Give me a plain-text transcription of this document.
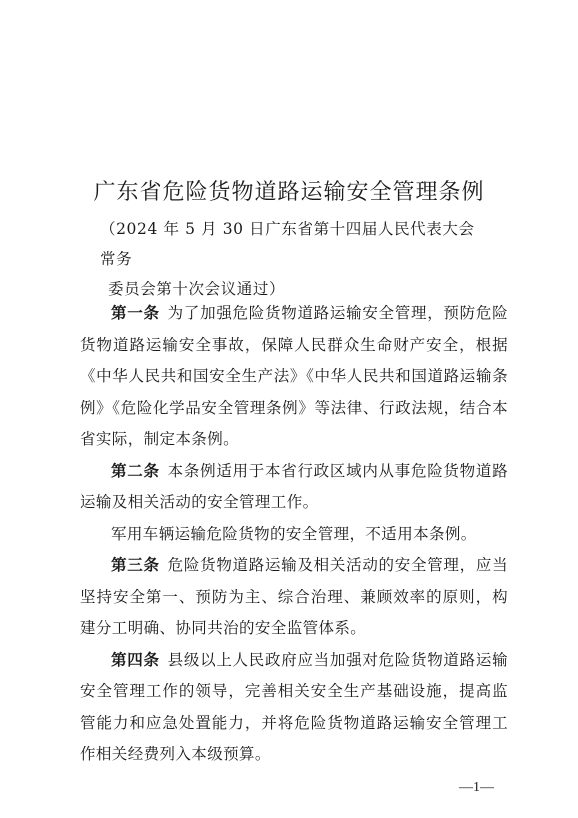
广东省危险货物道路运输安全管理条例
（2024 年 5 月 30 日广东省第十四届人民代表大会常务
委员会第十次会议通过）

第一条 为了加强危险货物道路运输安全管理，预防危险货物道路运输安全事故，保障人民群众生命财产安全，根据《中华人民共和国安全生产法》《中华人民共和国道路运输条例》《危险化学品安全管理条例》等法律、行政法规，结合本省实际，制定本条例。

第二条 本条例适用于本省行政区域内从事危险货物道路运输及相关活动的安全管理工作。

军用车辆运输危险货物的安全管理，不适用本条例。

第三条 危险货物道路运输及相关活动的安全管理，应当坚持安全第一、预防为主、综合治理、兼顾效率的原则，构建分工明确、协同共治的安全监管体系。

第四条 县级以上人民政府应当加强对危险货物道路运输安全管理工作的领导，完善相关安全生产基础设施，提高监管能力和应急处置能力，并将危险货物道路运输安全管理工作相关经费列入本级预算。

—1—
